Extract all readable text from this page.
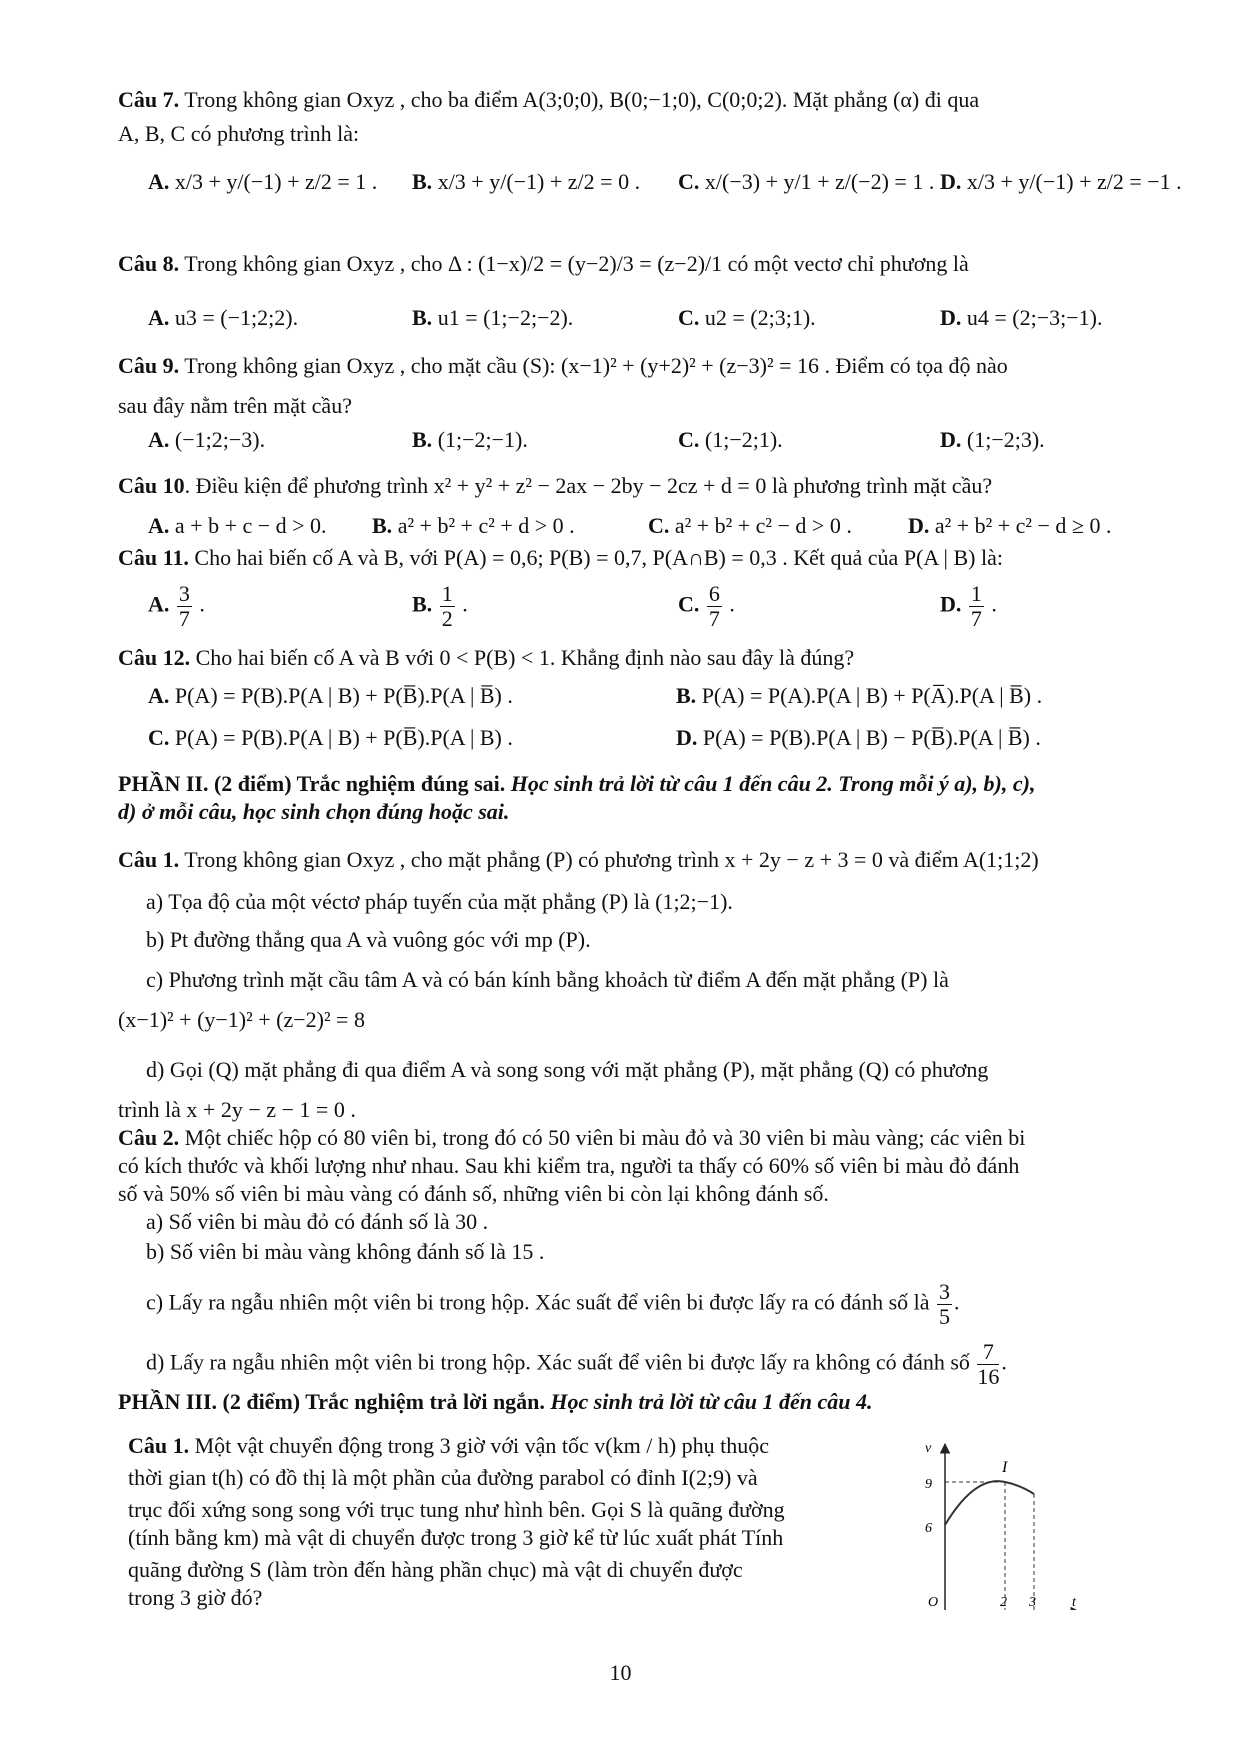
Câu 7. Trong không gian Oxyz , cho ba điểm A(3;0;0), B(0;−1;0), C(0;0;2). Mặt phẳng (α) đi qua
A, B, C có phương trình là:
A. x/3 + y/(−1) + z/2 = 1 . B. x/3 + y/(−1) + z/2 = 0 . C. x/(−3) + y/1 + z/(−2) = 1 . D. x/3 + y/(−1) + z/2 = −1 .
Câu 8. Trong không gian Oxyz , cho Δ : (1−x)/2 = (y−2)/3 = (z−2)/1 có một vectơ chỉ phương là
A. u3 = (−1;2;2).	B. u1 = (1;−2;−2).	C. u2 = (2;3;1).	D. u4 = (2;−3;−1).
Câu 9. Trong không gian Oxyz , cho mặt cầu (S): (x−1)² + (y+2)² + (z−3)² = 16 . Điểm có tọa độ nào
sau đây nằm trên mặt cầu?
A. (−1;2;−3).	B. (1;−2;−1).	C. (1;−2;1).	D. (1;−2;3).
Câu 10. Điều kiện để phương trình x² + y² + z² − 2ax − 2by − 2cz + d = 0 là phương trình mặt cầu?
A. a + b + c − d > 0. B. a² + b² + c² + d > 0 .	C. a² + b² + c² − d > 0 .	D. a² + b² + c² − d ≥ 0 .
Câu 11. Cho hai biến cố A và B, với P(A) = 0,6; P(B) = 0,7, P(A∩B) = 0,3 . Kết quả của P(A | B) là:
A. $\frac{3}{7}$ .	B. $\frac{1}{2}$ .	C. $\frac{6}{7}$ .	D. $\frac{1}{7}$ .
Câu 12. Cho hai biến cố A và B với 0 < P(B) < 1. Khẳng định nào sau đây là đúng?
A. P(A) = P(B).P(A | B) + P(B̅).P(A | B̅) .	B. P(A) = P(A).P(A | B) + P(A̅).P(A | B̅) .
C. P(A) = P(B).P(A | B) + P(B̅).P(A | B) .	D. P(A) = P(B).P(A | B) − P(B̅).P(A | B̅) .
PHẦN II. (2 điểm) Trắc nghiệm đúng sai. Học sinh trả lời từ câu 1 đến câu 2. Trong mỗi ý a), b), c),
d) ở mỗi câu, học sinh chọn đúng hoặc sai.
Câu 1. Trong không gian Oxyz , cho mặt phẳng (P) có phương trình x + 2y − z + 3 = 0 và điểm A(1;1;2)
a) Tọa độ của một véctơ pháp tuyến của mặt phẳng (P) là (1;2;−1).
b) Pt đường thẳng qua A và vuông góc với mp (P).
c) Phương trình mặt cầu tâm A và có bán kính bằng khoảch từ điểm A đến mặt phẳng (P) là
(x−1)² + (y−1)² + (z−2)² = 8
d) Gọi (Q) mặt phẳng đi qua điểm A và song song với mặt phẳng (P), mặt phẳng (Q) có phương
trình là x + 2y − z − 1 = 0 .
Câu 2. Một chiếc hộp có 80 viên bi, trong đó có 50 viên bi màu đỏ và 30 viên bi màu vàng; các viên bi
có kích thước và khối lượng như nhau. Sau khi kiểm tra, người ta thấy có 60% số viên bi màu đỏ đánh
số và 50% số viên bi màu vàng có đánh số, những viên bi còn lại không đánh số.
a) Số viên bi màu đỏ có đánh số là 30 .
b) Số viên bi màu vàng không đánh số là 15 .
c) Lấy ra ngẫu nhiên một viên bi trong hộp. Xác suất để viên bi được lấy ra có đánh số là $\frac{3}{5}$ .
d) Lấy ra ngẫu nhiên một viên bi trong hộp. Xác suất để viên bi được lấy ra không có đánh số $\frac{7}{16}$ .
PHẦN III. (2 điểm) Trắc nghiệm trả lời ngắn. Học sinh trả lời từ câu 1 đến câu 4.
Câu 1. Một vật chuyển động trong 3 giờ với vận tốc v(km / h) phụ thuộc
thời gian t(h) có đồ thị là một phần của đường parabol có đỉnh I(2;9) và
trục đối xứng song song với trục tung như hình bên. Gọi S là quãng đường
(tính bằng km) mà vật di chuyển được trong 3 giờ kể từ lúc xuất phát Tính
quãng đường S (làm tròn đến hàng phần chục) mà vật di chuyển được
trong 3 giờ đó?
v
9
6
I
O	2 3	t
10
